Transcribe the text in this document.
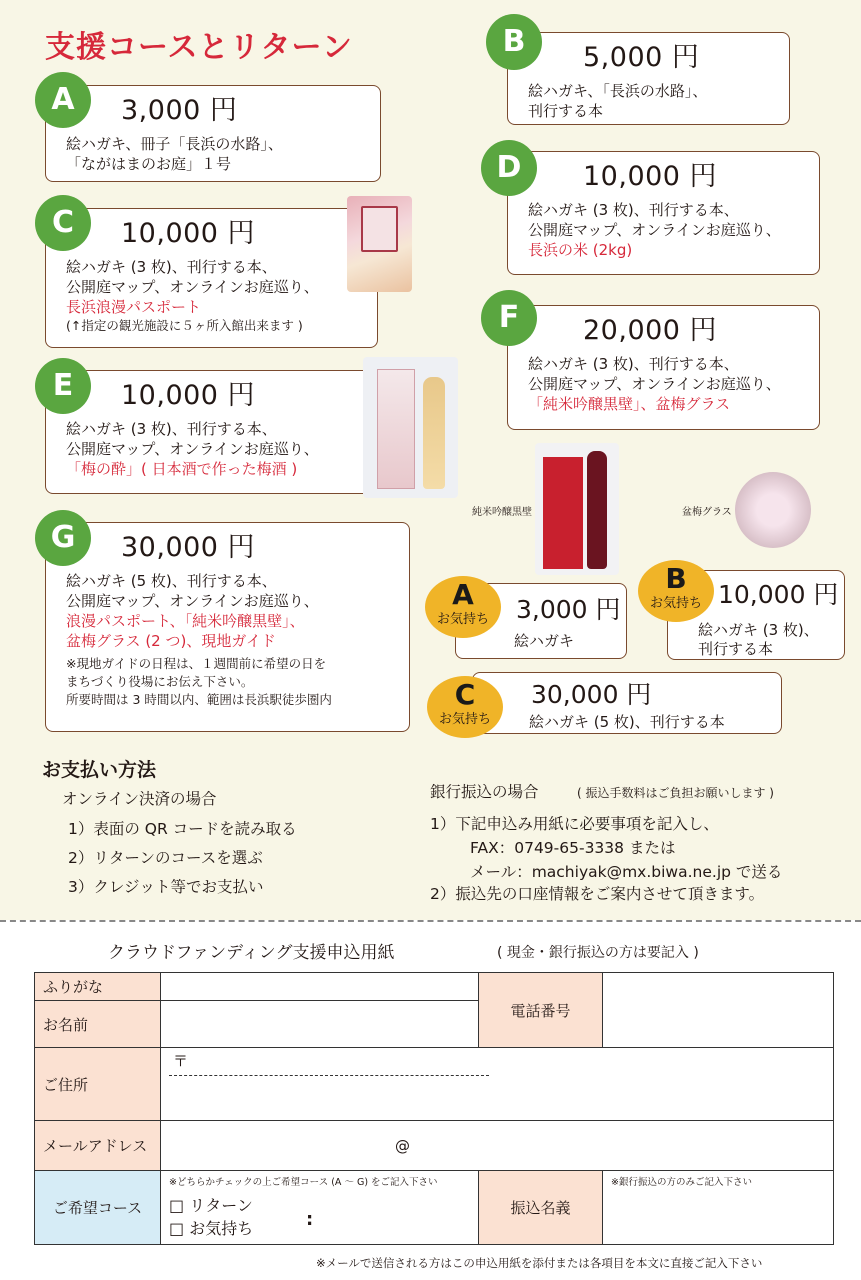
支援コースとリターン
3,000 円
絵ハガキ、冊子「長浜の水路」、
「ながはまのお庭」１号
A
5,000 円
絵ハガキ、「長浜の水路」、
刊行する本
B
10,000 円
絵ハガキ (3 枚)、刊行する本、
公開庭マップ、オンラインお庭巡り、
長浜浪漫パスポート
(↑指定の観光施設に５ヶ所入館出来ます )
C
10,000 円
絵ハガキ (3 枚)、刊行する本、
公開庭マップ、オンラインお庭巡り、
長浜の米 (2kg)
D
10,000 円
絵ハガキ (3 枚)、刊行する本、
公開庭マップ、オンラインお庭巡り、
「梅の酔」( 日本酒で作った梅酒 )
E
20,000 円
絵ハガキ (3 枚)、刊行する本、
公開庭マップ、オンラインお庭巡り、
「純米吟醸黒壁」、盆梅グラス
F
純米吟醸黒壁	盆梅グラス
30,000 円
絵ハガキ (5 枚)、刊行する本、
公開庭マップ、オンラインお庭巡り、
浪漫パスポート、「純米吟醸黒壁」、
盆梅グラス (2 つ)、現地ガイド
※現地ガイドの日程は、１週間前に希望の日を
まちづくり役場にお伝え下さい。
所要時間は 3 時間以内、範囲は長浜駅徒歩圏内
G
3,000 円
絵ハガキ
A
お気持ち
10,000 円
絵ハガキ (3 枚)、
刊行する本
B
お気持ち
30,000 円
絵ハガキ (5 枚)、刊行する本
C
お気持ち
お支払い方法
オンライン決済の場合
1）表面の QR コードを読み取る
2）リターンのコースを選ぶ
3）クレジット等でお支払い
銀行振込の場合	( 振込手数料はご負担お願いします )
1）下記申込み用紙に必要事項を記入し、
FAX：0749-65-3338 または
メール：machiyak@mx.biwa.ne.jp で送る
2）振込先の口座情報をご案内させて頂きます。
クラウドファンディング支援申込用紙	( 現金・銀行振込の方は要記入 )
ふりがな		電話番号	
お名前			
ご住所	〒		

メールアドレス	@		
ご希望コース	※どちらかチェックの上ご希望コース (A 〜 G) をご記入下さい
□ リターン
□ お気持ち :	振込名義	※銀行振込の方のみご記入下さい
※メールで送信される方はこの申込用紙を添付または各項目を本文に直接ご記入下さい
